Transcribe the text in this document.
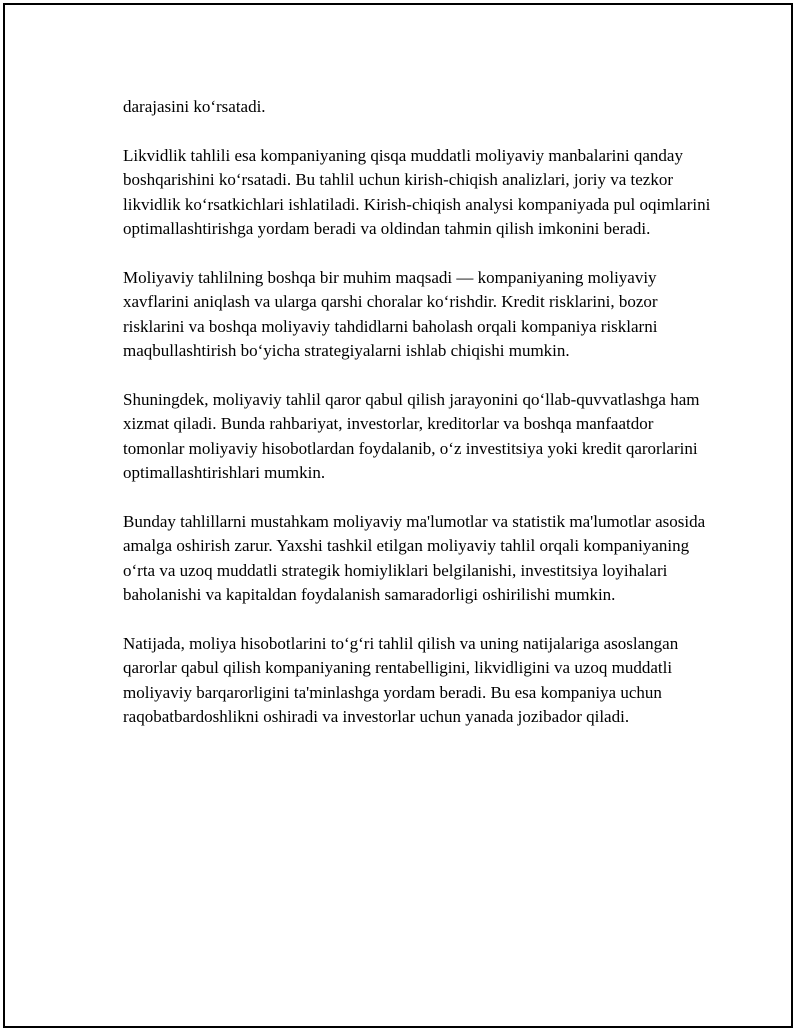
darajasini ko‘rsatadi.

Likvidlik tahlili esa kompaniyaning qisqa muddatli moliyaviy manbalarini qanday boshqarishini ko‘rsatadi. Bu tahlil uchun kirish-chiqish analizlari, joriy va tezkor likvidlik ko‘rsatkichlari ishlatiladi. Kirish-chiqish analysi kompaniyada pul oqimlarini optimallashtirishga yordam beradi va oldindan tahmin qilish imkonini beradi.

Moliyaviy tahlilning boshqa bir muhim maqsadi — kompaniyaning moliyaviy xavflarini aniqlash va ularga qarshi choralar ko‘rishdir. Kredit risklarini, bozor risklarini va boshqa moliyaviy tahdidlarni baholash orqali kompaniya risklarni maqbullashtirish bo‘yicha strategiyalarni ishlab chiqishi mumkin.

Shuningdek, moliyaviy tahlil qaror qabul qilish jarayonini qo‘llab-quvvatlashga ham xizmat qiladi. Bunda rahbariyat, investorlar, kreditorlar va boshqa manfaatdor tomonlar moliyaviy hisobotlardan foydalanib, o‘z investitsiya yoki kredit qarorlarini optimallashtirishlari mumkin.

Bunday tahlillarni mustahkam moliyaviy ma'lumotlar va statistik ma'lumotlar asosida amalga oshirish zarur. Yaxshi tashkil etilgan moliyaviy tahlil orqali kompaniyaning o‘rta va uzoq muddatli strategik homiyliklari belgilanishi, investitsiya loyihalari baholanishi va kapitaldan foydalanish samaradorligi oshirilishi mumkin.

Natijada, moliya hisobotlarini to‘g‘ri tahlil qilish va uning natijalariga asoslangan qarorlar qabul qilish kompaniyaning rentabelligini, likvidligini va uzoq muddatli moliyaviy barqarorligini ta'minlashga yordam beradi. Bu esa kompaniya uchun raqobatbardoshlikni oshiradi va investorlar uchun yanada jozibador qiladi.
